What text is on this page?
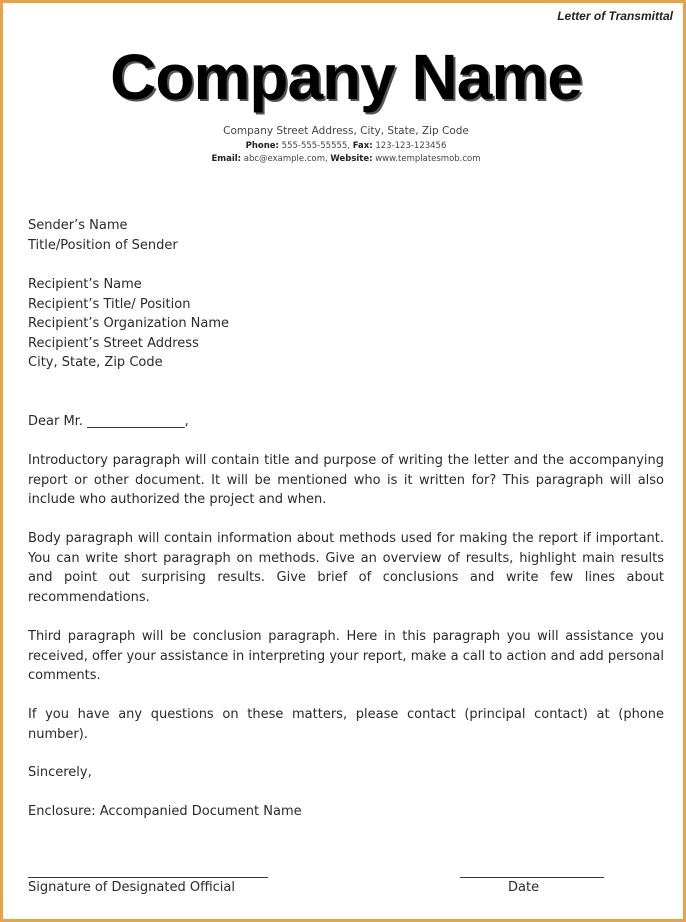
Letter of Transmittal
Company Name
Company Street Address, City, State, Zip Code
Phone: 555-555-55555, Fax: 123-123-123456
Email: abc@example.com, Website: www.templatesmob.com
Sender’s Name
Title/Position of Sender
Recipient’s Name
Recipient’s Title/ Position
Recipient’s Organization Name
Recipient’s Street Address
City, State, Zip Code
Dear Mr. _______________,
Introductory paragraph will contain title and purpose of writing the letter and the accompanying report or other document. It will be mentioned who is it written for? This paragraph will also include who authorized the project and when.
Body paragraph will contain information about methods used for making the report if important. You can write short paragraph on methods. Give an overview of results, highlight main results and point out surprising results. Give brief of conclusions and write few lines about recommendations.
Third paragraph will be conclusion paragraph. Here in this paragraph you will assistance you received, offer your assistance in interpreting your report, make a call to action and add personal comments.
If you have any questions on these matters, please contact (principal contact) at (phone number).
Sincerely,
Enclosure: Accompanied Document Name
Signature of Designated Official	Date
